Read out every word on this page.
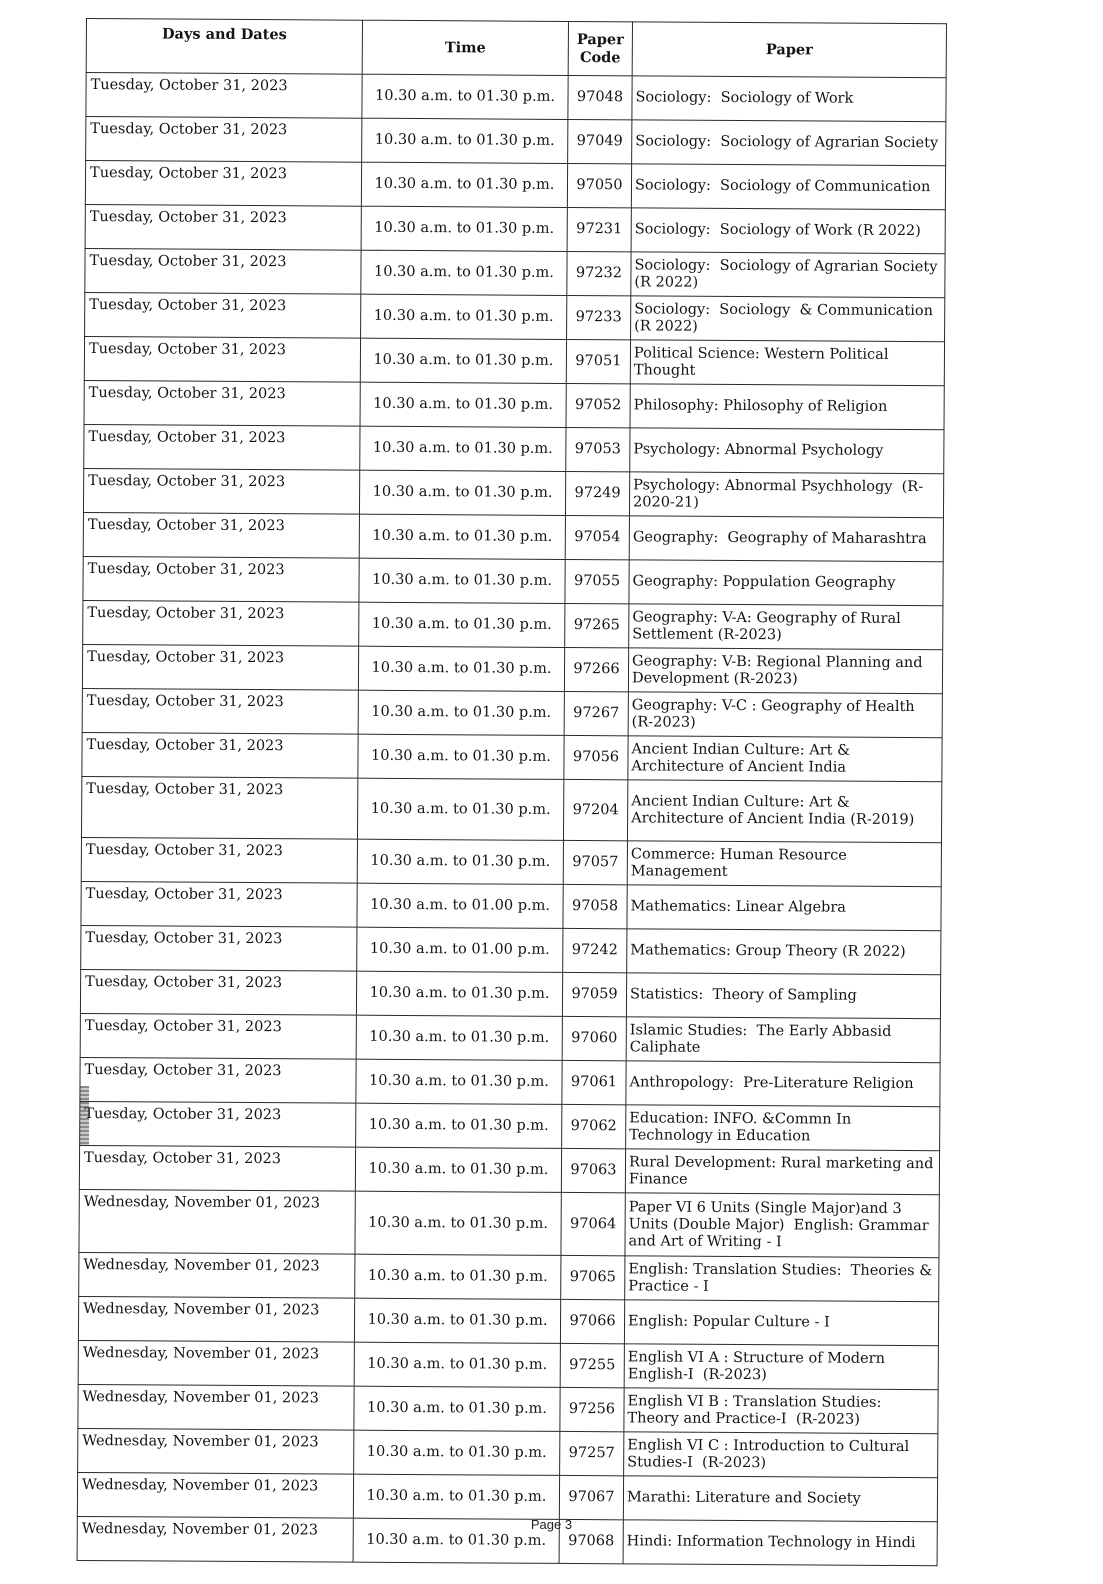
Days and Dates	Time	Paper Code	Paper
Tuesday, October 31, 2023	10.30 a.m. to 01.30 p.m.	97048	Sociology:  Sociology of Work
Tuesday, October 31, 2023	10.30 a.m. to 01.30 p.m.	97049	Sociology:  Sociology of Agrarian Society
Tuesday, October 31, 2023	10.30 a.m. to 01.30 p.m.	97050	Sociology:  Sociology of Communication
Tuesday, October 31, 2023	10.30 a.m. to 01.30 p.m.	97231	Sociology:  Sociology of Work (R 2022)
Tuesday, October 31, 2023	10.30 a.m. to 01.30 p.m.	97232	Sociology:  Sociology of Agrarian Society (R 2022)
Tuesday, October 31, 2023	10.30 a.m. to 01.30 p.m.	97233	Sociology:  Sociology  & Communication (R 2022)
Tuesday, October 31, 2023	10.30 a.m. to 01.30 p.m.	97051	Political Science: Western Political Thought
Tuesday, October 31, 2023	10.30 a.m. to 01.30 p.m.	97052	Philosophy: Philosophy of Religion
Tuesday, October 31, 2023	10.30 a.m. to 01.30 p.m.	97053	Psychology: Abnormal Psychology
Tuesday, October 31, 2023	10.30 a.m. to 01.30 p.m.	97249	Psychology: Abnormal Psychhology  (R-2020-21)
Tuesday, October 31, 2023	10.30 a.m. to 01.30 p.m.	97054	Geography:  Geography of Maharashtra
Tuesday, October 31, 2023	10.30 a.m. to 01.30 p.m.	97055	Geography: Poppulation Geography
Tuesday, October 31, 2023	10.30 a.m. to 01.30 p.m.	97265	Geography: V-A: Geography of Rural Settlement (R-2023)
Tuesday, October 31, 2023	10.30 a.m. to 01.30 p.m.	97266	Geography: V-B: Regional Planning and Development (R-2023)
Tuesday, October 31, 2023	10.30 a.m. to 01.30 p.m.	97267	Geography: V-C : Geography of Health (R-2023)
Tuesday, October 31, 2023	10.30 a.m. to 01.30 p.m.	97056	Ancient Indian Culture: Art & Architecture of Ancient India
Tuesday, October 31, 2023	10.30 a.m. to 01.30 p.m.	97204	Ancient Indian Culture: Art & Architecture of Ancient India (R-2019)
Tuesday, October 31, 2023	10.30 a.m. to 01.30 p.m.	97057	Commerce: Human Resource Management
Tuesday, October 31, 2023	10.30 a.m. to 01.00 p.m.	97058	Mathematics: Linear Algebra
Tuesday, October 31, 2023	10.30 a.m. to 01.00 p.m.	97242	Mathematics: Group Theory (R 2022)
Tuesday, October 31, 2023	10.30 a.m. to 01.30 p.m.	97059	Statistics:  Theory of Sampling
Tuesday, October 31, 2023	10.30 a.m. to 01.30 p.m.	97060	Islamic Studies:  The Early Abbasid Caliphate
Tuesday, October 31, 2023	10.30 a.m. to 01.30 p.m.	97061	Anthropology:  Pre-Literature Religion
Tuesday, October 31, 2023	10.30 a.m. to 01.30 p.m.	97062	Education: INFO. &Commn In Technology in Education
Tuesday, October 31, 2023	10.30 a.m. to 01.30 p.m.	97063	Rural Development: Rural marketing and Finance
Wednesday, November 01, 2023	10.30 a.m. to 01.30 p.m.	97064	Paper VI 6 Units (Single Major)and 3 Units (Double Major)  English: Grammar and Art of Writing - I
Wednesday, November 01, 2023	10.30 a.m. to 01.30 p.m.	97065	English: Translation Studies:  Theories & Practice - I
Wednesday, November 01, 2023	10.30 a.m. to 01.30 p.m.	97066	English: Popular Culture - I
Wednesday, November 01, 2023	10.30 a.m. to 01.30 p.m.	97255	English VI A : Structure of Modern English-I  (R-2023)
Wednesday, November 01, 2023	10.30 a.m. to 01.30 p.m.	97256	English VI B : Translation Studies: Theory and Practice-I  (R-2023)
Wednesday, November 01, 2023	10.30 a.m. to 01.30 p.m.	97257	English VI C : Introduction to Cultural Studies-I  (R-2023)
Wednesday, November 01, 2023	10.30 a.m. to 01.30 p.m.	97067	Marathi: Literature and Society
Wednesday, November 01, 2023	10.30 a.m. to 01.30 p.m.	97068	Hindi: Information Technology in Hindi
Page 3
